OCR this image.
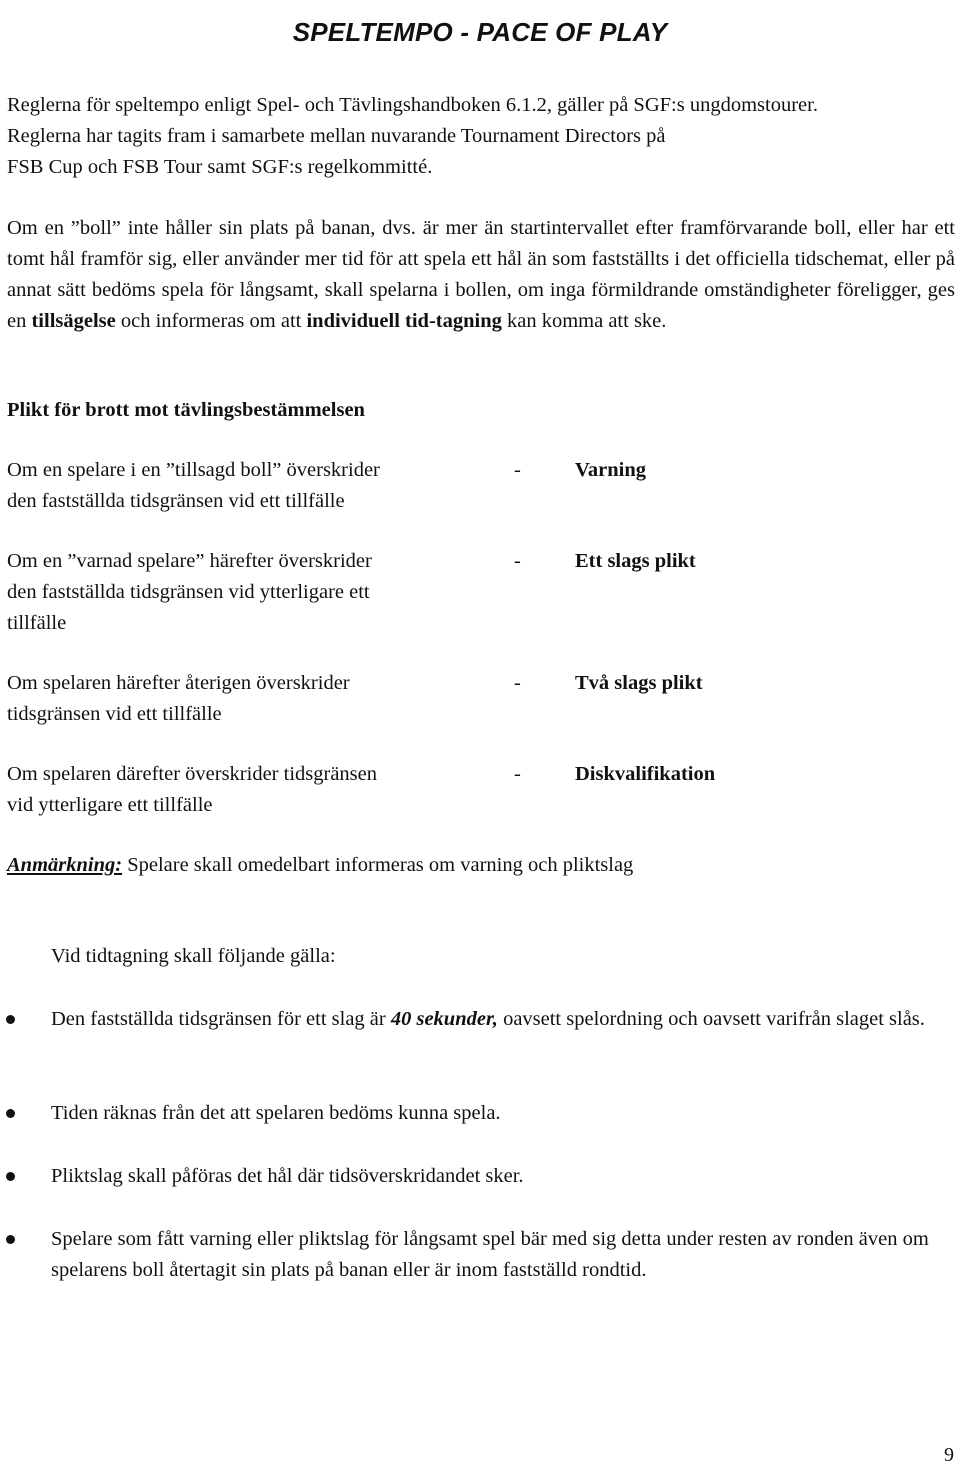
SPELTEMPO - PACE OF PLAY
Reglerna för speltempo enligt Spel- och Tävlingshandboken 6.1.2, gäller på SGF:s ungdomstourer.
Reglerna har tagits fram i samarbete mellan nuvarande Tournament Directors på
FSB Cup och FSB Tour samt SGF:s regelkommitté.

Om en ”boll” inte håller sin plats på banan, dvs. är mer än startintervallet efter framförvarande boll, eller har ett tomt hål framför sig, eller använder mer tid för att spela ett hål än som fastställts i det officiella tidschemat, eller på annat sätt bedöms spela för långsamt, skall spelarna i bollen, om inga förmildrande omständigheter föreligger, ges en tillsägelse och informeras om att individuell tid-tagning kan komma att ske.

Plikt för brott mot tävlingsbestämmelsen
Om en spelare i en ”tillsagd boll” överskrider
den fastställda tidsgränsen vid ett tillfälle
-	Varning
Om en ”varnad spelare” härefter överskrider
den fastställda tidsgränsen vid ytterligare ett
tillfälle
-	Ett slags plikt
Om spelaren härefter återigen överskrider
tidsgränsen vid ett tillfälle
-	Två slags plikt
Om spelaren därefter överskrider tidsgränsen
vid ytterligare ett tillfälle
-	Diskvalifikation
Anmärkning: Spelare skall omedelbart informeras om varning och pliktslag
Vid tidtagning skall följande gälla:
Den fastställda tidsgränsen för ett slag är 40 sekunder, oavsett spelordning och oavsett varifrån slaget slås.
Tiden räknas från det att spelaren bedöms kunna spela.
Pliktslag skall påföras det hål där tidsöverskridandet sker.
Spelare som fått varning eller pliktslag för långsamt spel bär med sig detta under resten av ronden även om spelarens boll återtagit sin plats på banan eller är inom fastställd rondtid.
9
